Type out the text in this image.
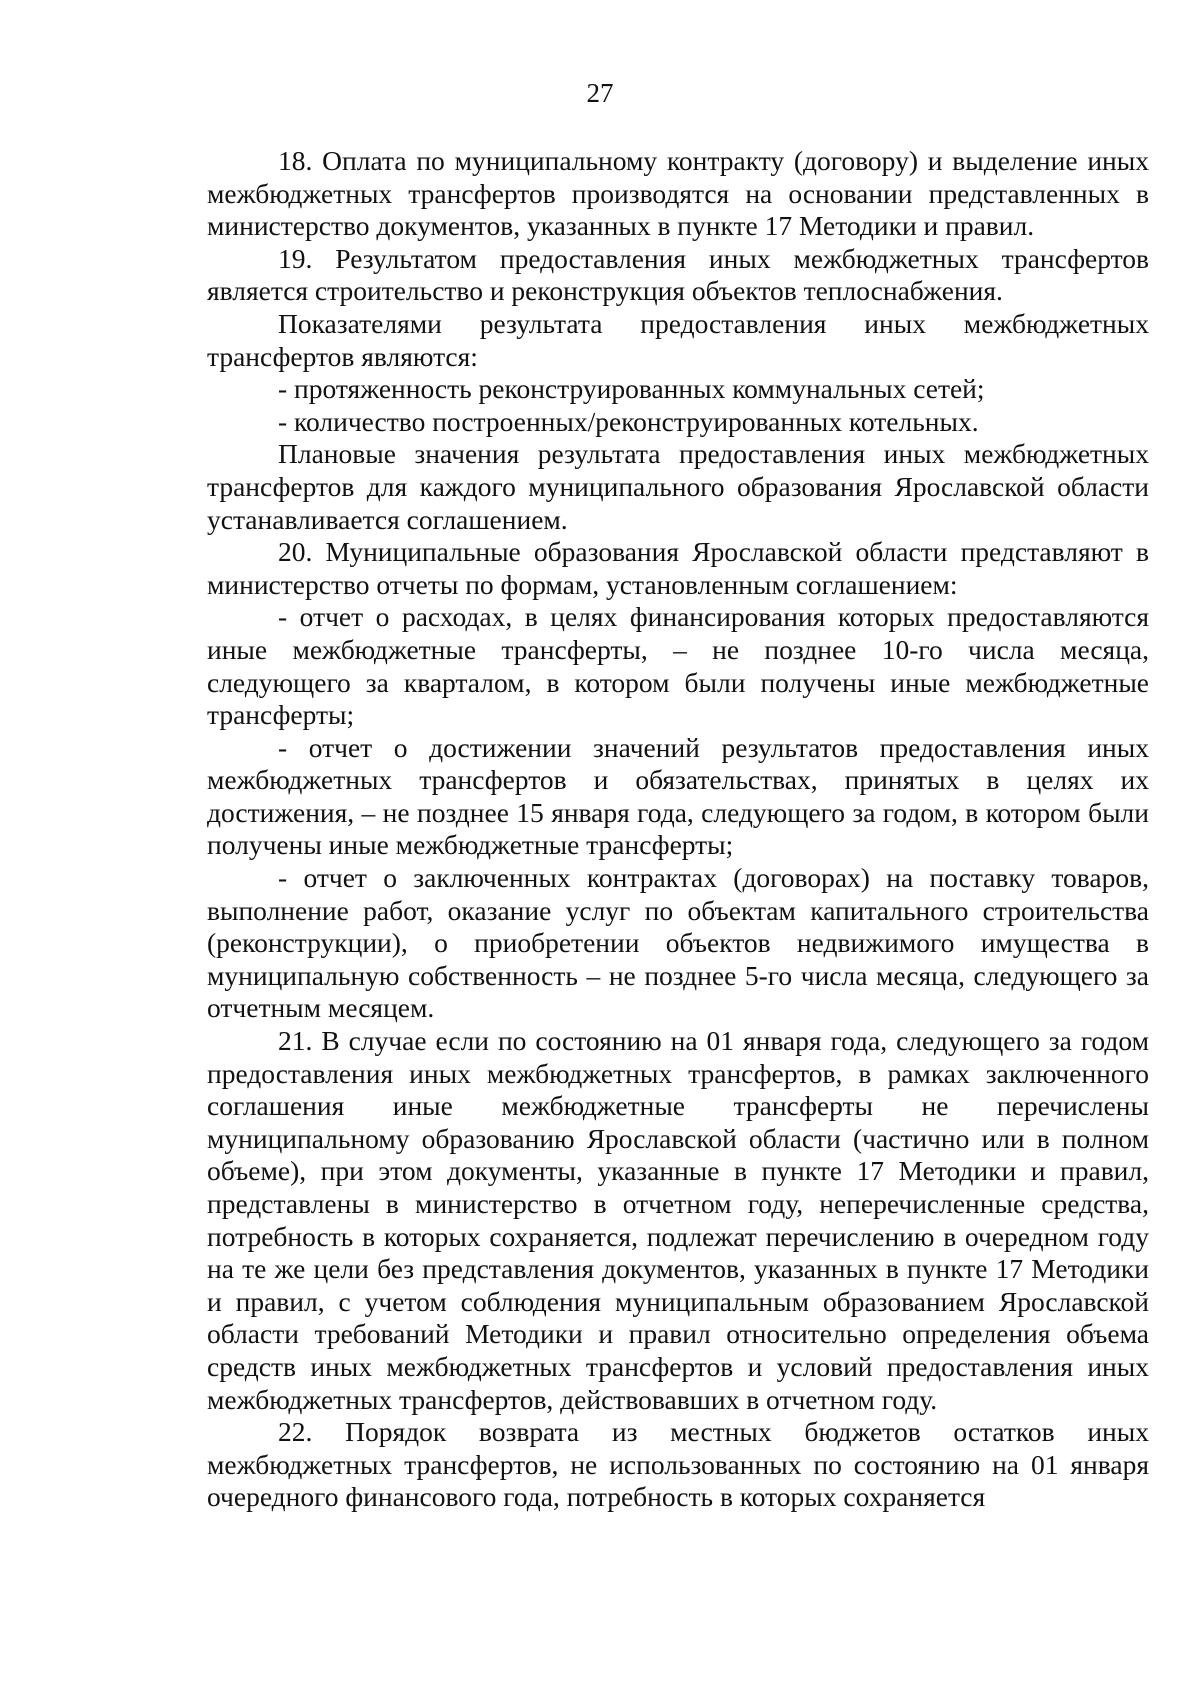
27

18. Оплата по муниципальному контракту (договору) и выделение иных межбюджетных трансфертов производятся на основании представленных в министерство документов, указанных в пункте 17 Методики и правил.

19. Результатом предоставления иных межбюджетных трансфертов является строительство и реконструкция объектов теплоснабжения.

Показателями результата предоставления иных межбюджетных трансфертов являются:

- протяженность реконструированных коммунальных сетей;

- количество построенных/реконструированных котельных.

Плановые значения результата предоставления иных межбюджетных трансфертов для каждого муниципального образования Ярославской области устанавливается соглашением.

20. Муниципальные образования Ярославской области представляют в министерство отчеты по формам, установленным соглашением:

- отчет о расходах, в целях финансирования которых предоставляются иные межбюджетные трансферты, – не позднее 10-го числа месяца, следующего за кварталом, в котором были получены иные межбюджетные трансферты;

- отчет о достижении значений результатов предоставления иных межбюджетных трансфертов и обязательствах, принятых в целях их достижения, – не позднее 15 января года, следующего за годом, в котором были получены иные межбюджетные трансферты;

- отчет о заключенных контрактах (договорах) на поставку товаров, выполнение работ, оказание услуг по объектам капитального строительства (реконструкции), о приобретении объектов недвижимого имущества в муниципальную собственность – не позднее 5-го числа месяца, следующего за отчетным месяцем.

21. В случае если по состоянию на 01 января года, следующего за годом предоставления иных межбюджетных трансфертов, в рамках заключенного соглашения иные межбюджетные трансферты не перечислены муниципальному образованию Ярославской области (частично или в полном объеме), при этом документы, указанные в пункте 17 Методики и правил, представлены в министерство в отчетном году, неперечисленные средства, потребность в которых сохраняется, подлежат перечислению в очередном году на те же цели без представления документов, указанных в пункте 17 Методики и правил, с учетом соблюдения муниципальным образованием Ярославской области требований Методики и правил относительно определения объема средств иных межбюджетных трансфертов и условий предоставления иных межбюджетных трансфертов, действовавших в отчетном году.

22. Порядок возврата из местных бюджетов остатков иных межбюджетных трансфертов, не использованных по состоянию на 01 января очередного финансового года, потребность в которых сохраняется
